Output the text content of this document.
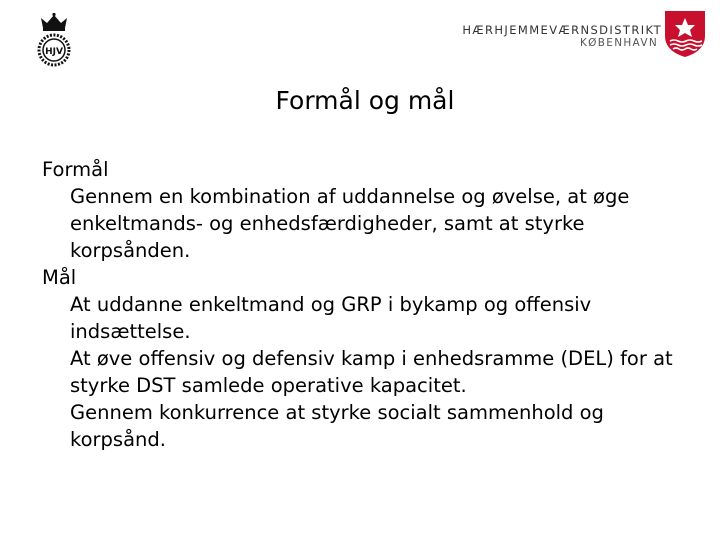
HJV
HÆRHJEMMEVÆRNSDISTRIKT
KØBENHAVN
Formål og mål

Formål

Gennem en kombination af uddannelse og øvelse, at øge enkeltmands- og enhedsfærdigheder, samt at styrke korpsånden.

Mål

At uddanne enkeltmand og GRP i bykamp og offensiv indsættelse.

At øve offensiv og defensiv kamp i enhedsramme (DEL) for at styrke DST samlede operative kapacitet.

Gennem konkurrence at styrke socialt sammenhold og korpsånd.
